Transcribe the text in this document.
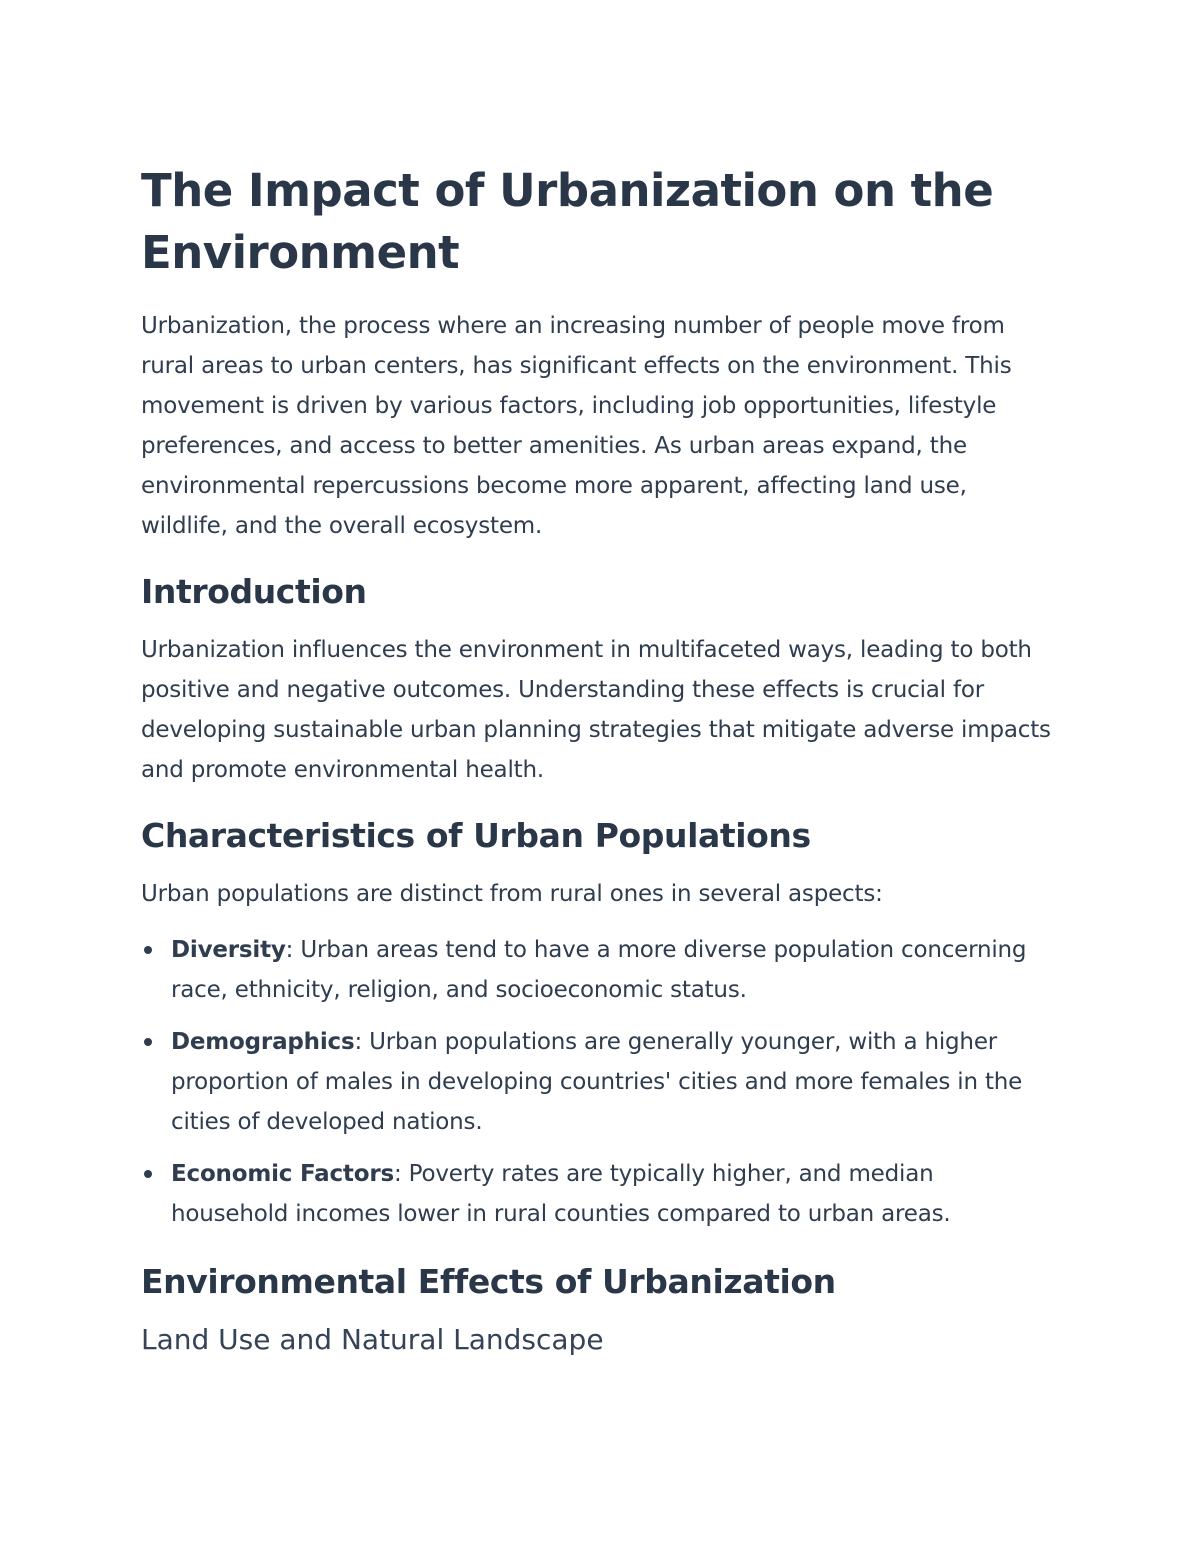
The Impact of Urbanization on the Environment

Urbanization, the process where an increasing number of people move from rural areas to urban centers, has significant effects on the environment. This movement is driven by various factors, including job opportunities, lifestyle preferences, and access to better amenities. As urban areas expand, the environmental repercussions become more apparent, affecting land use, wildlife, and the overall ecosystem.

Introduction

Urbanization influences the environment in multifaceted ways, leading to both positive and negative outcomes. Understanding these effects is crucial for developing sustainable urban planning strategies that mitigate adverse impacts and promote environmental health.

Characteristics of Urban Populations

Urban populations are distinct from rural ones in several aspects:

Diversity: Urban areas tend to have a more diverse population concerning race, ethnicity, religion, and socioeconomic status.
Demographics: Urban populations are generally younger, with a higher proportion of males in developing countries' cities and more females in the cities of developed nations.
Economic Factors: Poverty rates are typically higher, and median household incomes lower in rural counties compared to urban areas.
Environmental Effects of Urbanization
Land Use and Natural Landscape
